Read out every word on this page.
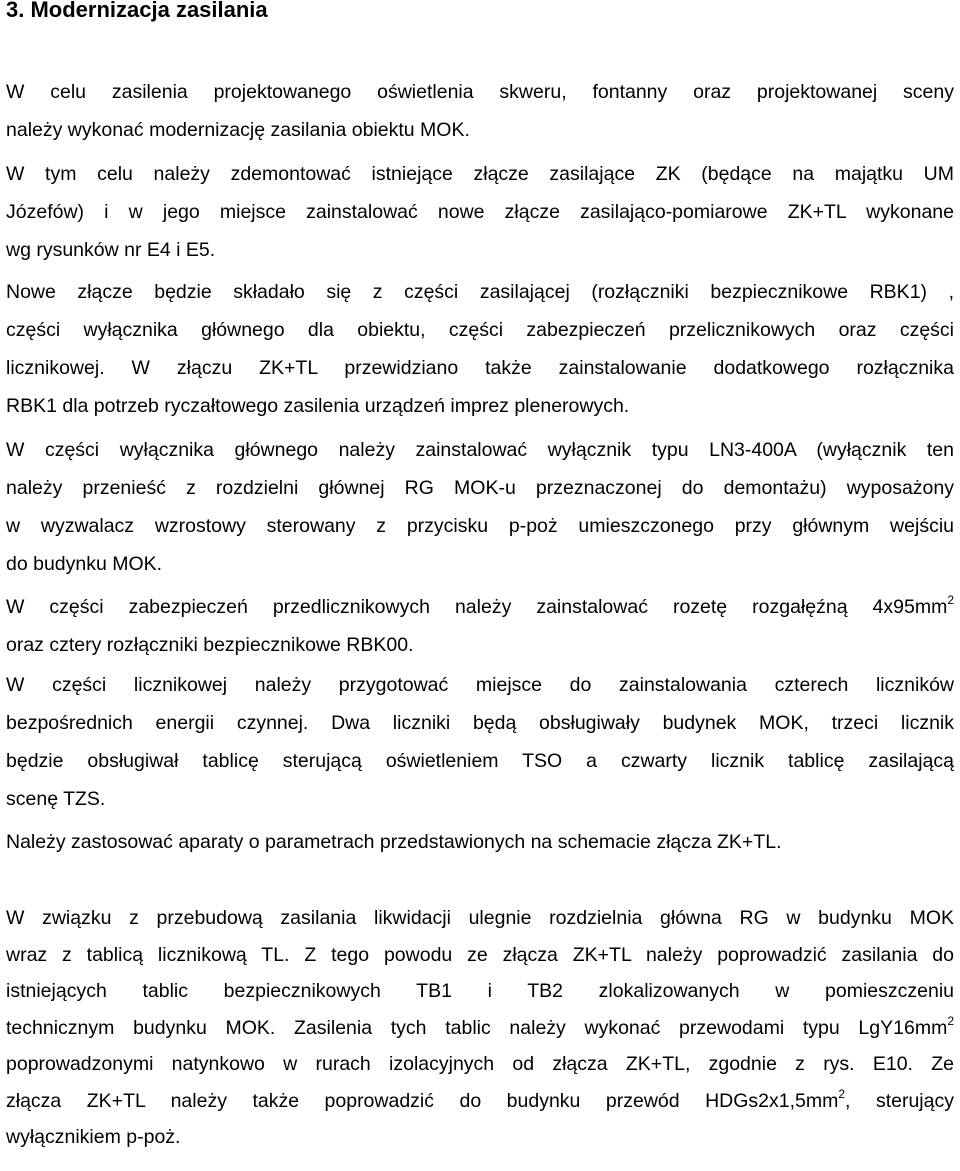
3. Modernizacja zasilania
W celu zasilenia projektowanego oświetlenia skweru, fontanny oraz projektowanej sceny
należy wykonać modernizację zasilania obiektu MOK.
W tym celu należy zdemontować istniejące złącze zasilające ZK (będące na majątku UM
Józefów) i w jego miejsce zainstalować nowe złącze zasilająco-pomiarowe ZK+TL wykonane
wg rysunków nr E4 i E5.
Nowe złącze będzie składało się z części zasilającej (rozłączniki bezpiecznikowe RBK1) ,
części wyłącznika głównego dla obiektu, części zabezpieczeń przelicznikowych oraz części
licznikowej. W złączu ZK+TL przewidziano także zainstalowanie dodatkowego rozłącznika
RBK1 dla potrzeb ryczałtowego zasilenia urządzeń imprez plenerowych.
W części wyłącznika głównego należy zainstalować wyłącznik typu LN3-400A (wyłącznik ten
należy przenieść z rozdzielni głównej RG MOK-u przeznaczonej do demontażu) wyposażony
w wyzwalacz wzrostowy sterowany z przycisku p-poż umieszczonego przy głównym wejściu
do budynku MOK.
W części zabezpieczeń przedlicznikowych należy zainstalować rozetę rozgałęźną $4x95mm^2$
oraz cztery rozłączniki bezpiecznikowe RBK00.
W części licznikowej należy przygotować miejsce do zainstalowania czterech liczników
bezpośrednich energii czynnej. Dwa liczniki będą obsługiwały budynek MOK, trzeci licznik
będzie obsługiwał tablicę sterującą oświetleniem TSO a czwarty licznik tablicę zasilającą
scenę TZS.
Należy zastosować aparaty o parametrach przedstawionych na schemacie złącza ZK+TL.
W związku z przebudową zasilania likwidacji ulegnie rozdzielnia główna RG w budynku MOK
wraz z tablicą licznikową TL. Z tego powodu ze złącza ZK+TL należy poprowadzić zasilania do
istniejących tablic bezpiecznikowych TB1 i TB2 zlokalizowanych w pomieszczeniu
technicznym budynku MOK. Zasilenia tych tablic należy wykonać przewodami typu $LgY16mm^2$
poprowadzonymi natynkowo w rurach izolacyjnych od złącza ZK+TL, zgodnie z rys. E10. Ze
złącza ZK+TL należy także poprowadzić do budynku przewód $HDGs2x1,5mm^2$, sterujący
wyłącznikiem p-poż.
